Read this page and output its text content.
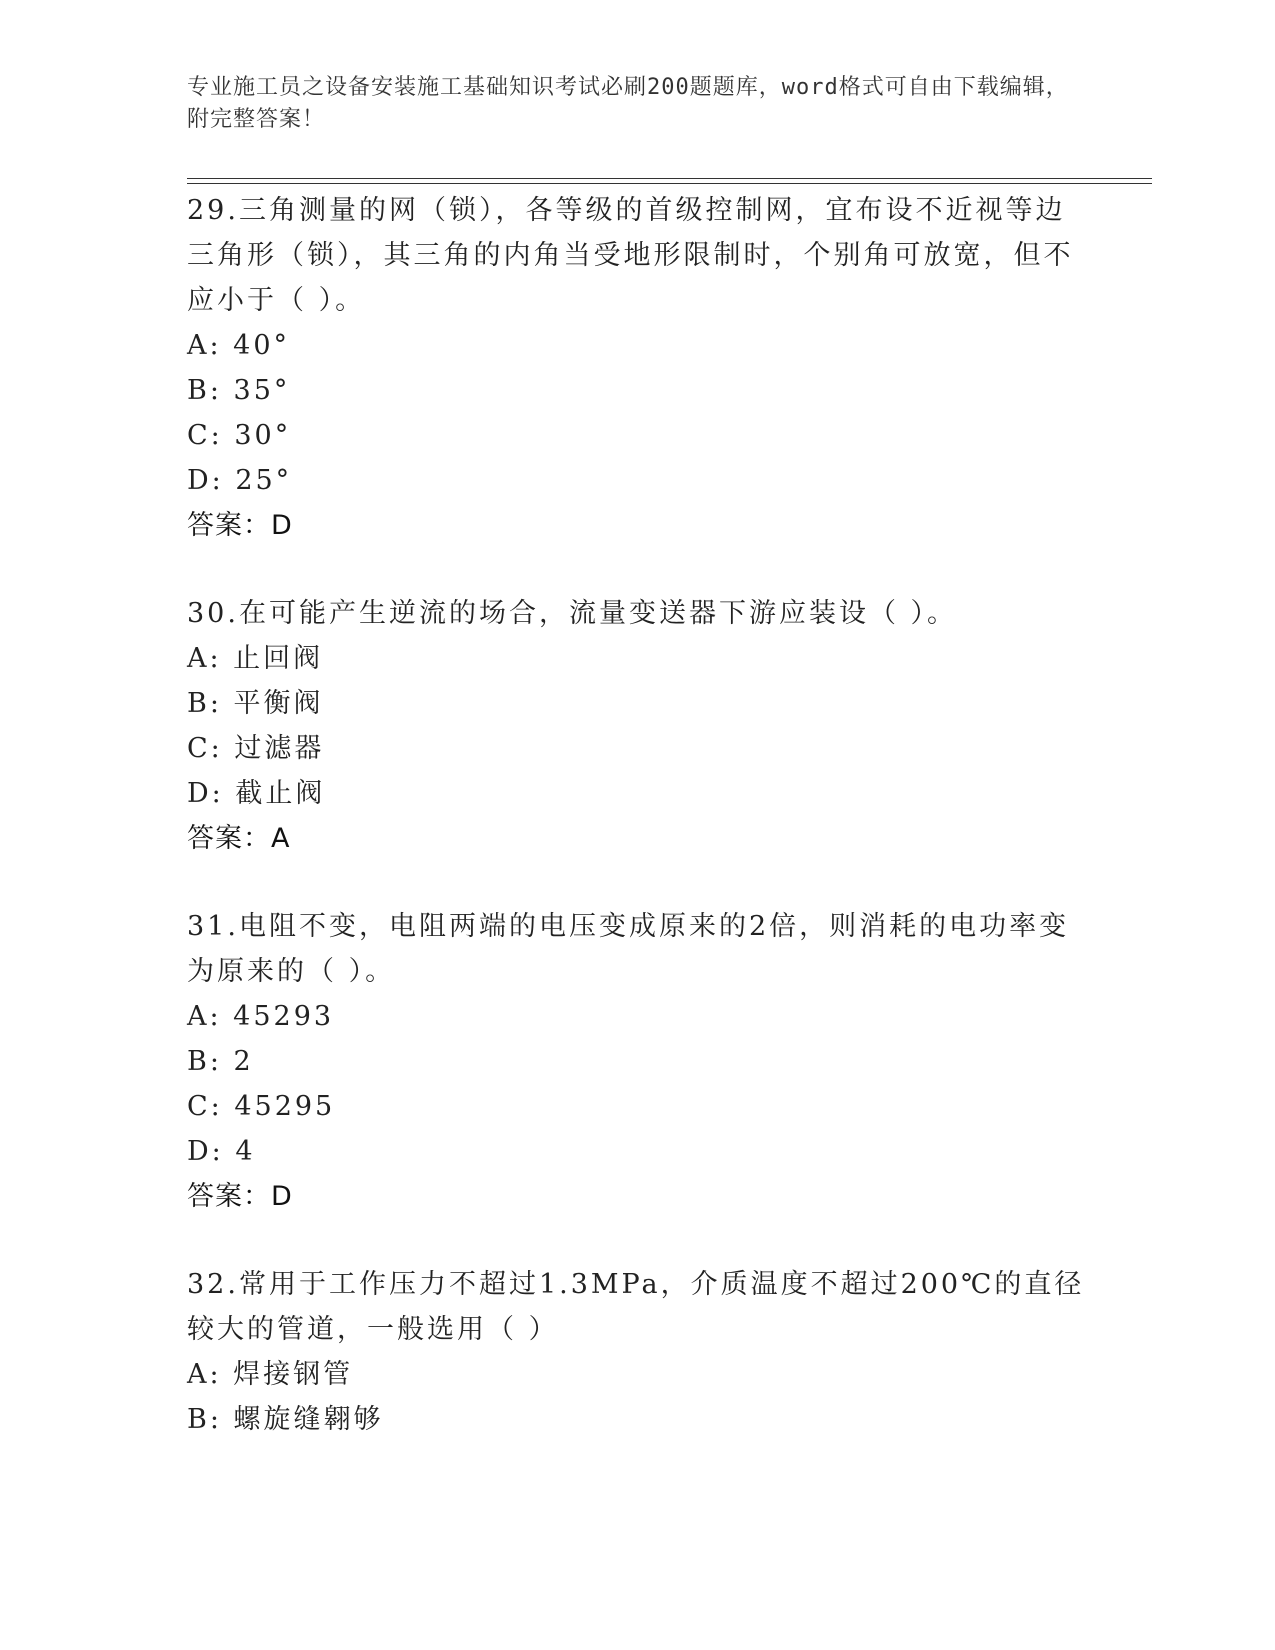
专业施工员之设备安装施工基础知识考试必刷200题题库，word格式可自由下载编辑，附完整答案！

29.三角测量的网（锁），各等级的首级控制网，宜布设不近视等边三角形（锁），其三角的内角当受地形限制时，个别角可放宽，但不应小于（ ）。

A: 40°

B: 35°

C: 30°

D: 25°

答案：D

30.在可能产生逆流的场合，流量变送器下游应装设（ ）。

A: 止回阀

B: 平衡阀

C: 过滤器

D: 截止阀

答案：A

31.电阻不变，电阻两端的电压变成原来的2倍，则消耗的电功率变为原来的（ ）。

A: 45293

B: 2

C: 45295

D: 4

答案：D

32.常用于工作压力不超过1.3MPa，介质温度不超过200℃的直径较大的管道，一般选用（ ）

A: 焊接钢管

B: 螺旋缝翱够
